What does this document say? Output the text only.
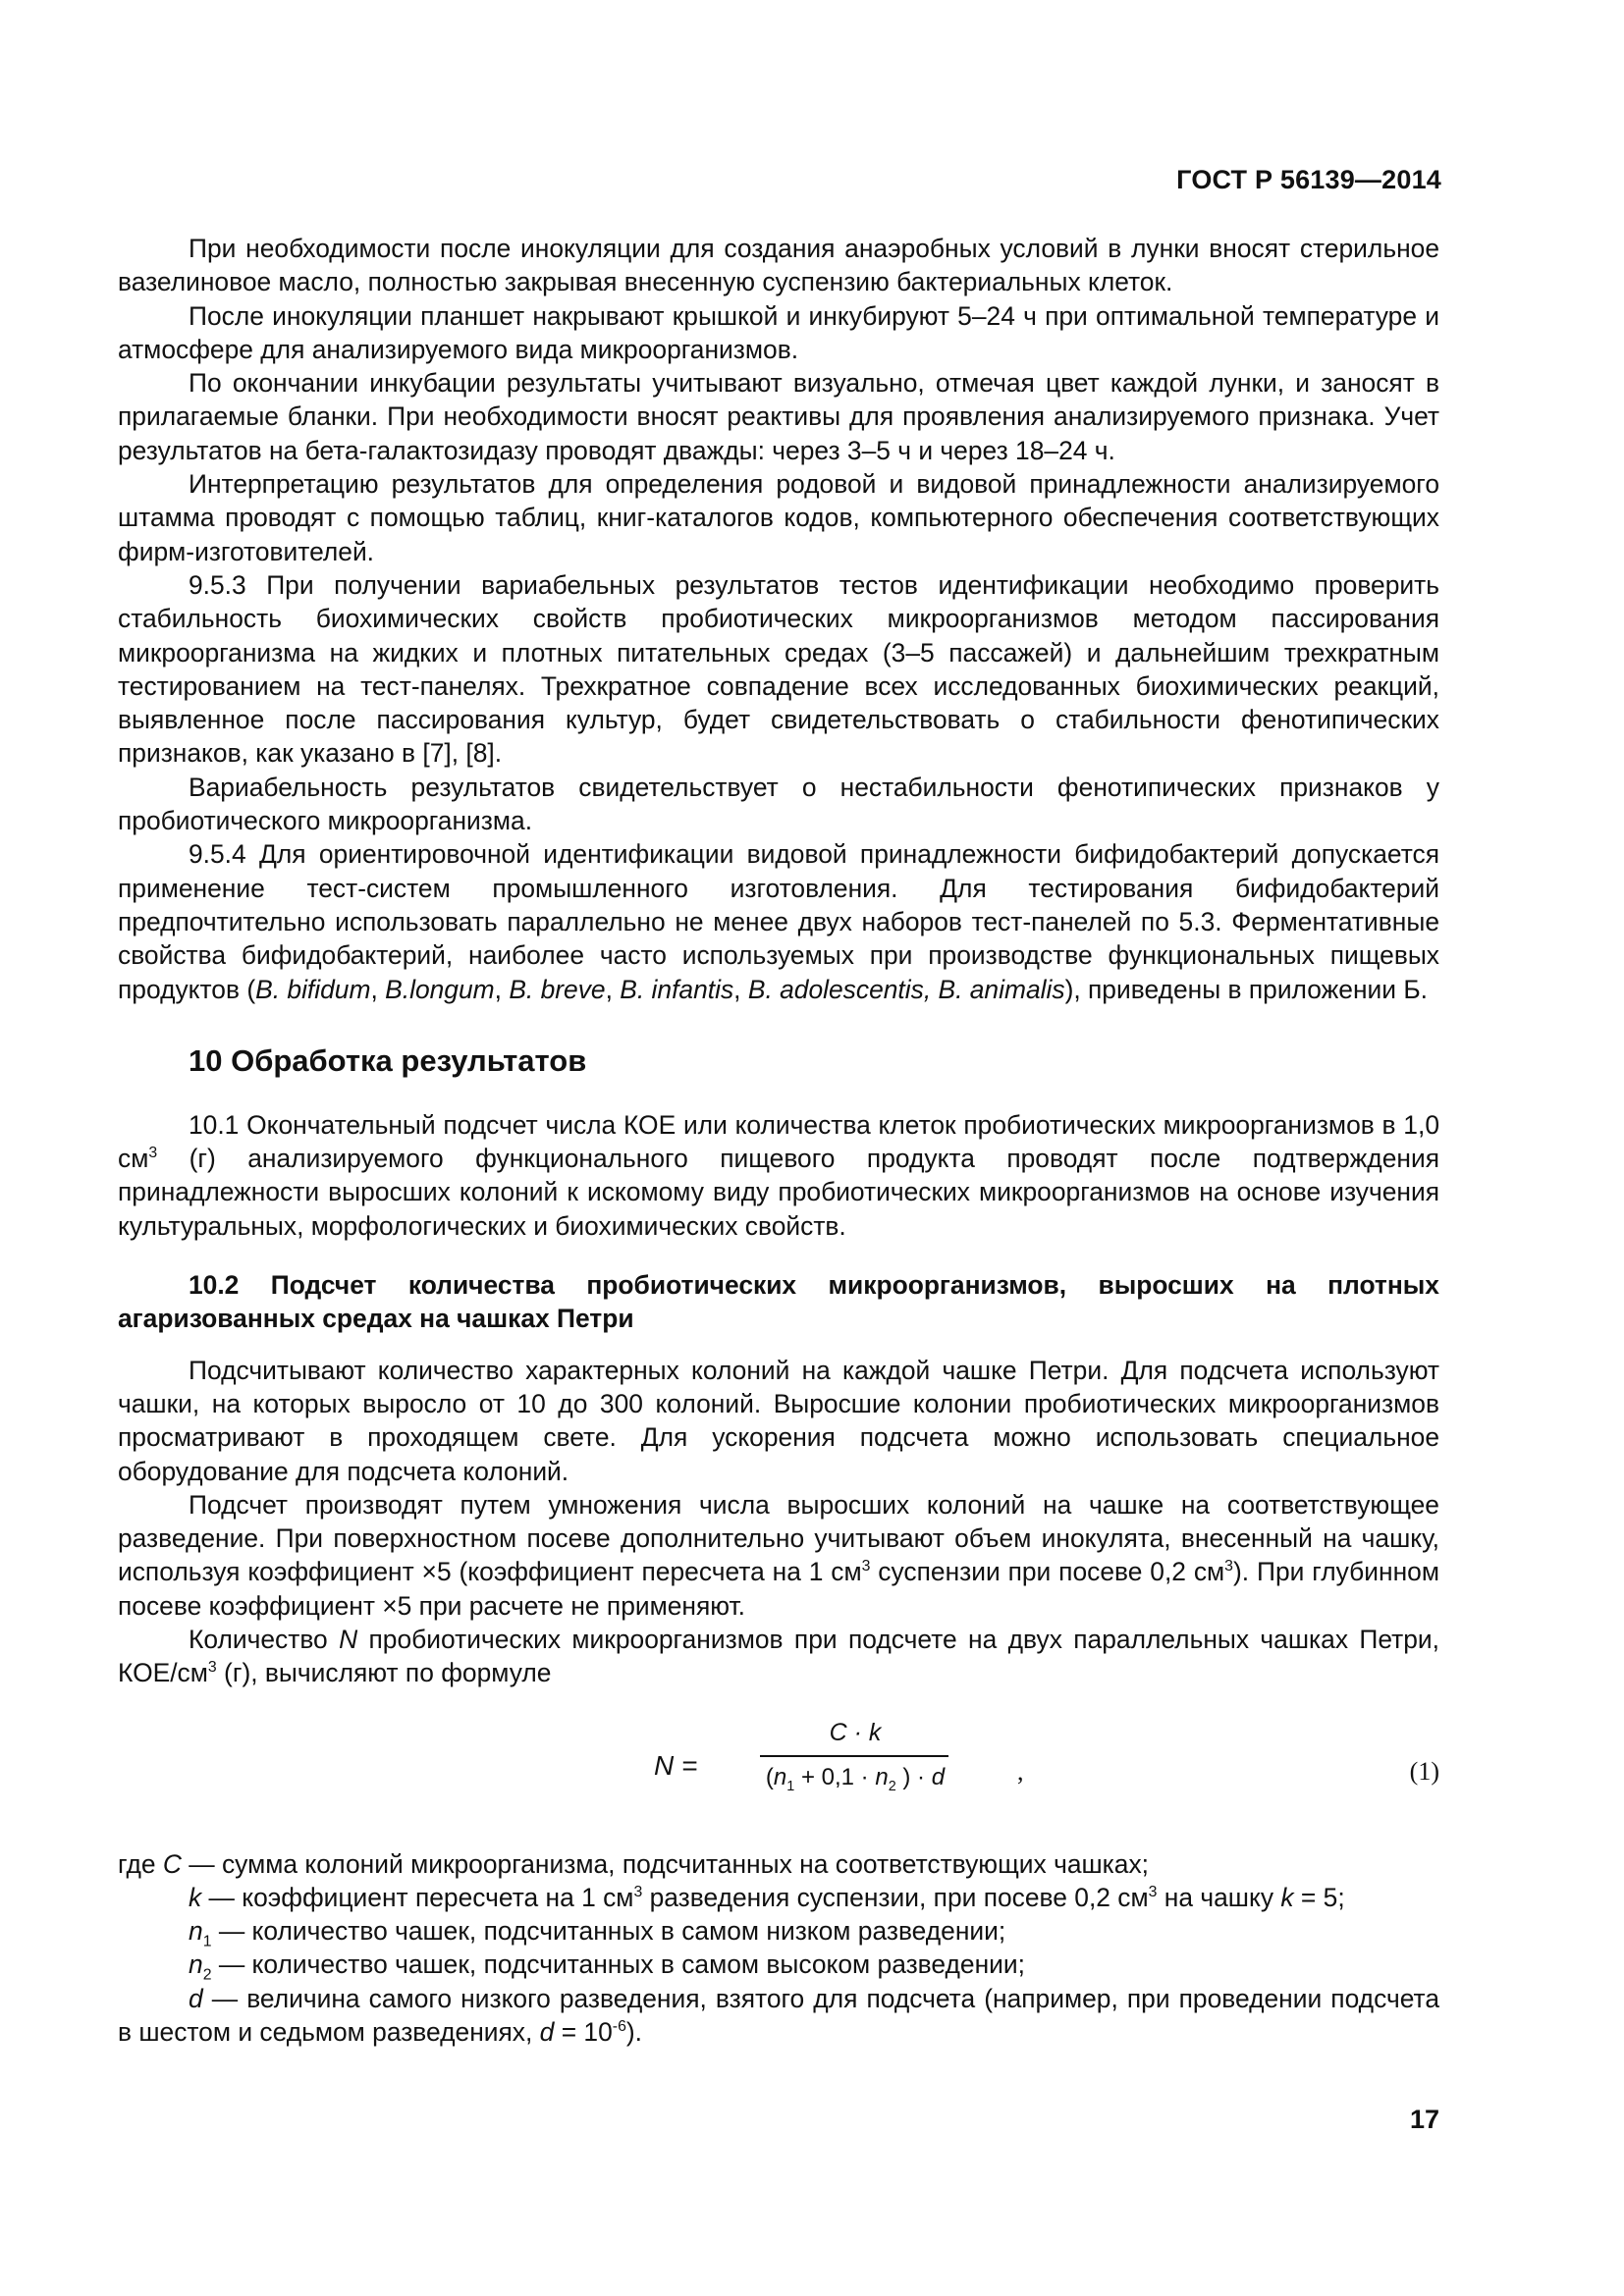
ГОСТ Р 56139—2014

При необходимости после инокуляции для создания анаэробных условий в лунки вносят стерильное вазелиновое масло, полностью закрывая внесенную суспензию бактериальных клеток.

После инокуляции планшет накрывают крышкой и инкубируют 5–24 ч при оптимальной температуре и атмосфере для анализируемого вида микроорганизмов.

По окончании инкубации результаты учитывают визуально, отмечая цвет каждой лунки, и заносят в прилагаемые бланки. При необходимости вносят реактивы для проявления анализируемого признака. Учет результатов на бета-галактозидазу проводят дважды: через 3–5 ч и через 18–24 ч.

Интерпретацию результатов для определения родовой и видовой принадлежности анализируемого штамма проводят с помощью таблиц, книг-каталогов кодов, компьютерного обеспечения соответствующих фирм-изготовителей.

9.5.3 При получении вариабельных результатов тестов идентификации необходимо проверить стабильность биохимических свойств пробиотических микроорганизмов методом пассирования микроорганизма на жидких и плотных питательных средах (3–5 пассажей) и дальнейшим трехкратным тестированием на тест-панелях. Трехкратное совпадение всех исследованных биохимических реакций, выявленное после пассирования культур, будет свидетельствовать о стабильности фенотипических признаков, как указано в [7], [8].

Вариабельность результатов свидетельствует о нестабильности фенотипических признаков у пробиотического микроорганизма.

9.5.4 Для ориентировочной идентификации видовой принадлежности бифидобактерий допускается применение тест-систем промышленного изготовления. Для тестирования бифидобактерий предпочтительно использовать параллельно не менее двух наборов тест-панелей по 5.3. Ферментативные свойства бифидобактерий, наиболее часто используемых при производстве функциональных пищевых продуктов (B. bifidum, B.longum, B. breve, B. infantis, B. adolescentis, B. animalis), приведены в приложении Б.

10 Обработка результатов

10.1 Окончательный подсчет числа КОЕ или количества клеток пробиотических микроорганизмов в 1,0 $см^3$ (г) анализируемого функционального пищевого продукта проводят после подтверждения принадлежности выросших колоний к искомому виду пробиотических микроорганизмов на основе изучения культуральных, морфологических и биохимических свойств.

10.2 Подсчет количества пробиотических микроорганизмов, выросших на плотных агаризованных средах на чашках Петри

Подсчитывают количество характерных колоний на каждой чашке Петри. Для подсчета используют чашки, на которых выросло от 10 до 300 колоний. Выросшие колонии пробиотических микроорганизмов просматривают в проходящем свете. Для ускорения подсчета можно использовать специальное оборудование для подсчета колоний.

Подсчет производят путем умножения числа выросших колоний на чашке на соответствующее разведение. При поверхностном посеве дополнительно учитывают объем инокулята, внесенный на чашку, используя коэффициент ×5 (коэффициент пересчета на 1 $см^3$ суспензии при посеве 0,2 $см^3$). При глубинном посеве коэффициент ×5 при расчете не применяют.

Количество N пробиотических микроорганизмов при подсчете на двух параллельных чашках Петри, КОЕ/$см^3$ (г), вычисляют по формуле

N =
C · k
($n_1 + 0,1 \cdot n_2$ ) · d	,	(1)

где C — сумма колоний микроорганизма, подсчитанных на соответствующих чашках;

k — коэффициент пересчета на 1 $см^3$ разведения суспензии, при посеве 0,2 $см^3$ на чашку k = 5;

$n_1$ — количество чашек, подсчитанных в самом низком разведении;

$n_2$ — количество чашек, подсчитанных в самом высоком разведении;

d — величина самого низкого разведения, взятого для подсчета (например, при проведении подсчета в шестом и седьмом разведениях, $d = 10^{-6}$).

17
